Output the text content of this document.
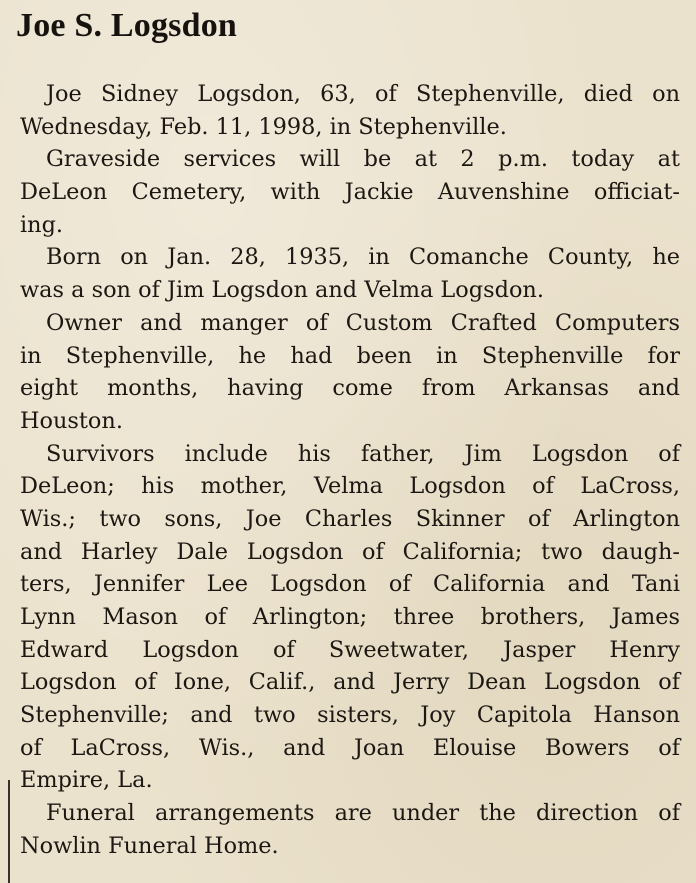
Joe S. Logsdon

Joe Sidney Logsdon, 63, of Stephenville, died on
Wednesday, Feb. 11, 1998, in Stephenville.

Graveside services will be at 2 p.m. today at
DeLeon Cemetery, with Jackie Auvenshine officiat-
ing.

Born on Jan. 28, 1935, in Comanche County, he
was a son of Jim Logsdon and Velma Logsdon.

Owner and manger of Custom Crafted Computers
in Stephenville, he had been in Stephenville for
eight months, having come from Arkansas and
Houston.

Survivors include his father, Jim Logsdon of
DeLeon; his mother, Velma Logsdon of LaCross,
Wis.; two sons, Joe Charles Skinner of Arlington
and Harley Dale Logsdon of California; two daugh-
ters, Jennifer Lee Logsdon of California and Tani
Lynn Mason of Arlington; three brothers, James
Edward Logsdon of Sweetwater, Jasper Henry
Logsdon of Ione, Calif., and Jerry Dean Logsdon of
Stephenville; and two sisters, Joy Capitola Hanson
of LaCross, Wis., and Joan Elouise Bowers of
Empire, La.

Funeral arrangements are under the direction of
Nowlin Funeral Home.
